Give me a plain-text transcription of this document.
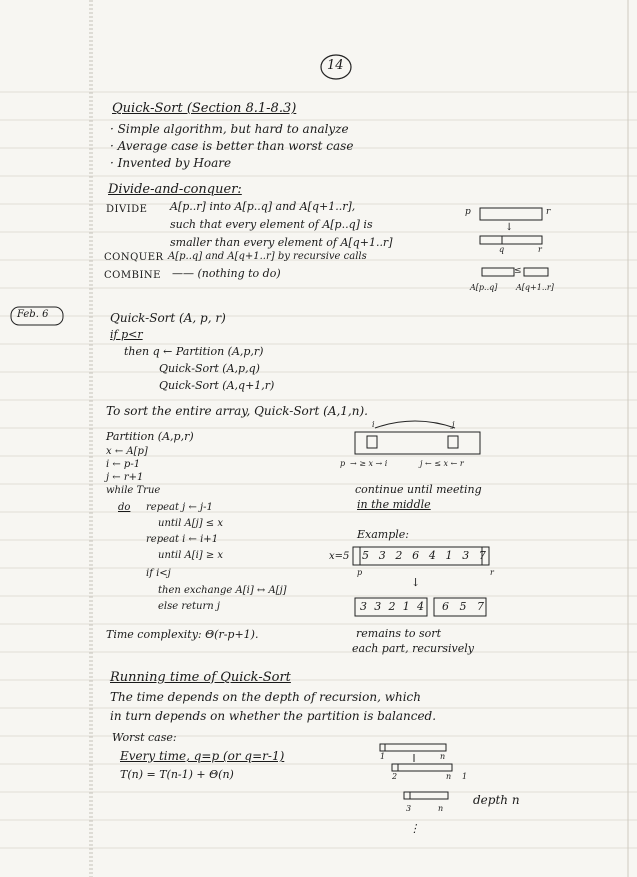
14
Quick-Sort (Section 8.1-8.3)
· Simple algorithm, but hard to analyze
· Average case is better than worst case
· Invented by Hoare
Divide-and-conquer:
DIVIDE A[p..r] into A[p..q] and A[q+1..r],
such that every element of A[p..q] is
smaller than every element of A[q+1..r]
CONQUER A[p..q] and A[q+1..r] by recursive calls
COMBINE —— (nothing to do)
p	r
↓
q	r
≤
A[p..q] A[q+1..r]
Feb. 6	Quick-Sort (A, p, r)
if p<r
then q ← Partition (A,p,r)
Quick-Sort (A,p,q)
Quick-Sort (A,q+1,r)
To sort the entire array, Quick-Sort (A,1,n).
Partition (A,p,r)
x ← A[p]
i ← p-1
j ← r+1
while True
do repeat j ← j-1
until A[j] ≤ x
repeat i ← i+1
until A[i] ≥ x
if i<j
then exchange A[i] ↔ A[j]
else return j
i	j
p → ≥ x → i	j ← ≤ x ← r
continue until meeting
in the middle
Example:
x=5 5 3 2 6 4 1 3 7
p	r
↓
3 3 2 1 4 6 5 7
remains to sort
each part, recursively
Time complexity: Θ(r-p+1).
Running time of Quick-Sort
The time depends on the depth of recursion, which
in turn depends on whether the partition is balanced.
Worst case:
Every time, q=p (or q=r-1)
T(n) = T(n-1) + Θ(n)
1	n
2	n 1
3	n
depth n
⋮
